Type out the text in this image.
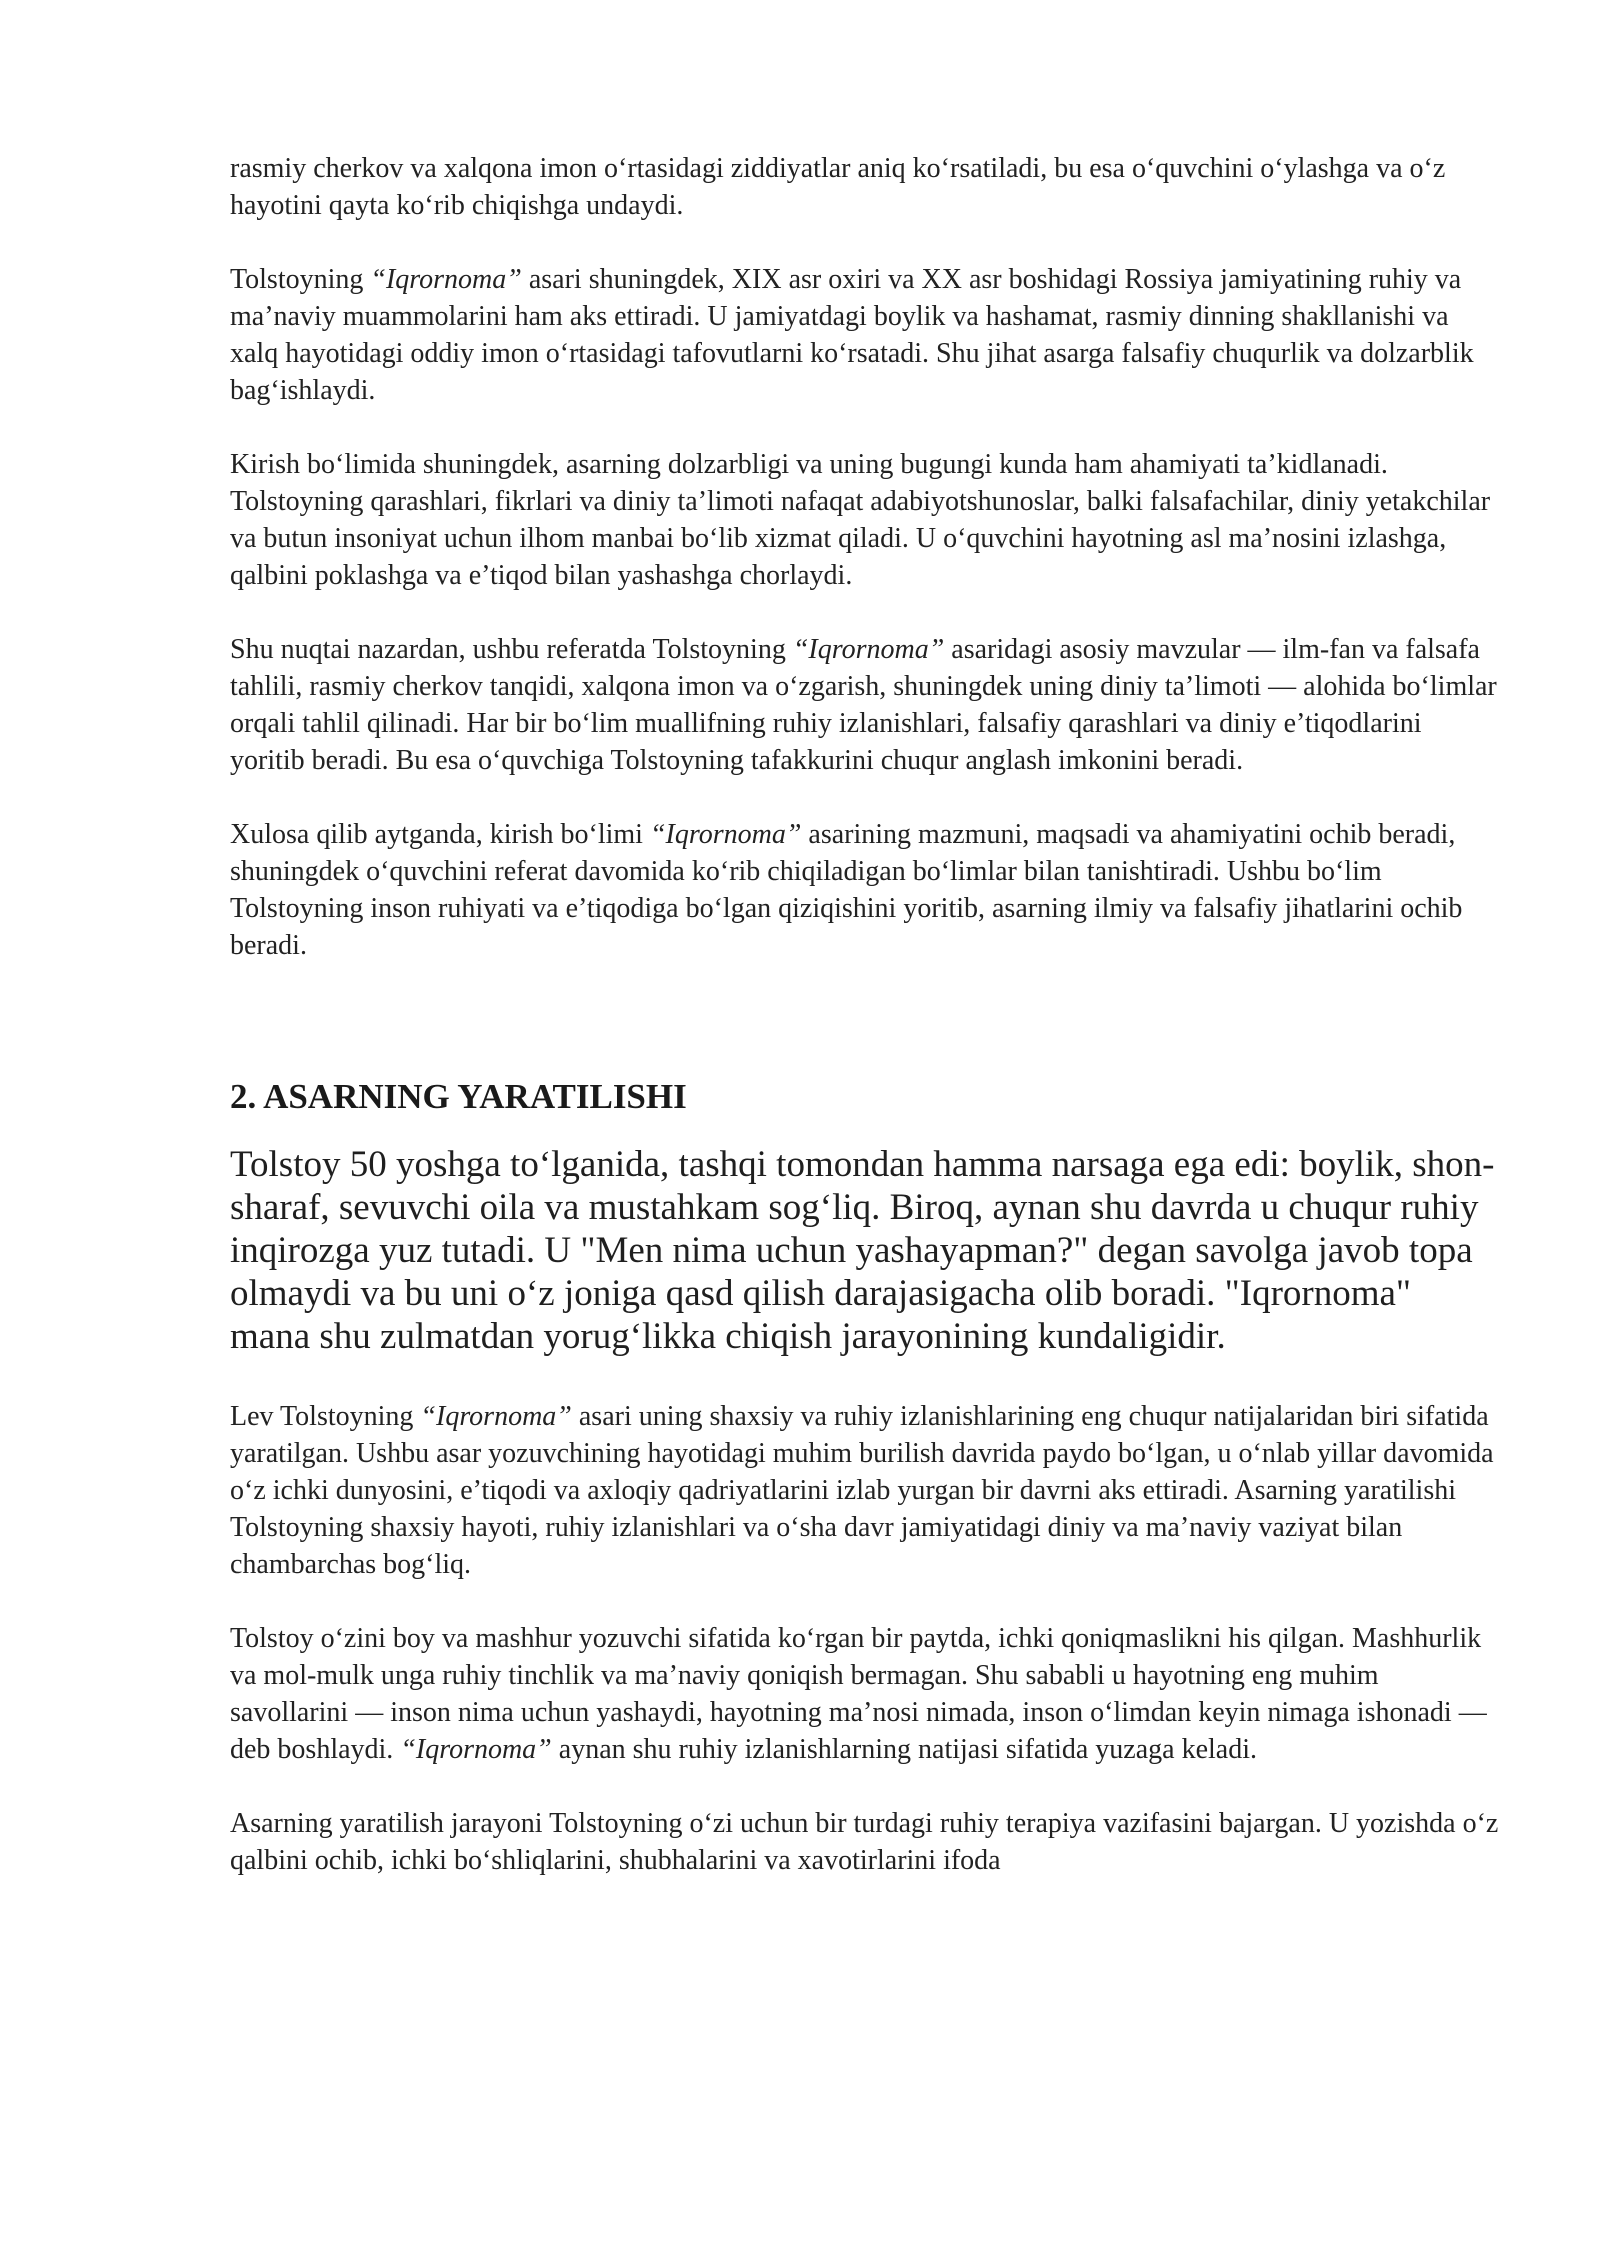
rasmiy cherkov va xalqona imon o‘rtasidagi ziddiyatlar aniq ko‘rsatiladi, bu esa o‘quvchini o‘ylashga va o‘z hayotini qayta ko‘rib chiqishga undaydi.

Tolstoyning “Iqrornoma” asari shuningdek, XIX asr oxiri va XX asr boshidagi Rossiya jamiyatining ruhiy va ma’naviy muammolarini ham aks ettiradi. U jamiyatdagi boylik va hashamat, rasmiy dinning shakllanishi va xalq hayotidagi oddiy imon o‘rtasidagi tafovutlarni ko‘rsatadi. Shu jihat asarga falsafiy chuqurlik va dolzarblik bag‘ishlaydi.

Kirish bo‘limida shuningdek, asarning dolzarbligi va uning bugungi kunda ham ahamiyati ta’kidlanadi. Tolstoyning qarashlari, fikrlari va diniy ta’limoti nafaqat adabiyotshunoslar, balki falsafachilar, diniy yetakchilar va butun insoniyat uchun ilhom manbai bo‘lib xizmat qiladi. U o‘quvchini hayotning asl ma’nosini izlashga, qalbini poklashga va e’tiqod bilan yashashga chorlaydi.

Shu nuqtai nazardan, ushbu referatda Tolstoyning “Iqrornoma” asaridagi asosiy mavzular — ilm-fan va falsafa tahlili, rasmiy cherkov tanqidi, xalqona imon va o‘zgarish, shuningdek uning diniy ta’limoti — alohida bo‘limlar orqali tahlil qilinadi. Har bir bo‘lim muallifning ruhiy izlanishlari, falsafiy qarashlari va diniy e’tiqodlarini yoritib beradi. Bu esa o‘quvchiga Tolstoyning tafakkurini chuqur anglash imkonini beradi.

Xulosa qilib aytganda, kirish bo‘limi “Iqrornoma” asarining mazmuni, maqsadi va ahamiyatini ochib beradi, shuningdek o‘quvchini referat davomida ko‘rib chiqiladigan bo‘limlar bilan tanishtiradi. Ushbu bo‘lim Tolstoyning inson ruhiyati va e’tiqodiga bo‘lgan qiziqishini yoritib, asarning ilmiy va falsafiy jihatlarini ochib beradi.

2. ASARNING YARATILISHI

Tolstoy 50 yoshga to‘lganida, tashqi tomondan hamma narsaga ega edi: boylik, shon-sharaf, sevuvchi oila va mustahkam sog‘liq. Biroq, aynan shu davrda u chuqur ruhiy inqirozga yuz tutadi. U "Men nima uchun yashayapman?" degan savolga javob topa olmaydi va bu uni o‘z joniga qasd qilish darajasigacha olib boradi. "Iqrornoma" mana shu zulmatdan yorug‘likka chiqish jarayonining kundaligidir.

Lev Tolstoyning “Iqrornoma” asari uning shaxsiy va ruhiy izlanishlarining eng chuqur natijalaridan biri sifatida yaratilgan. Ushbu asar yozuvchining hayotidagi muhim burilish davrida paydo bo‘lgan, u o‘nlab yillar davomida o‘z ichki dunyosini, e’tiqodi va axloqiy qadriyatlarini izlab yurgan bir davrni aks ettiradi. Asarning yaratilishi Tolstoyning shaxsiy hayoti, ruhiy izlanishlari va o‘sha davr jamiyatidagi diniy va ma’naviy vaziyat bilan chambarchas bog‘liq.

Tolstoy o‘zini boy va mashhur yozuvchi sifatida ko‘rgan bir paytda, ichki qoniqmaslikni his qilgan. Mashhurlik va mol-mulk unga ruhiy tinchlik va ma’naviy qoniqish bermagan. Shu sababli u hayotning eng muhim savollarini — inson nima uchun yashaydi, hayotning ma’nosi nimada, inson o‘limdan keyin nimaga ishonadi — deb boshlaydi. “Iqrornoma” aynan shu ruhiy izlanishlarning natijasi sifatida yuzaga keladi.

Asarning yaratilish jarayoni Tolstoyning o‘zi uchun bir turdagi ruhiy terapiya vazifasini bajargan. U yozishda o‘z qalbini ochib, ichki bo‘shliqlarini, shubhalarini va xavotirlarini ifoda
